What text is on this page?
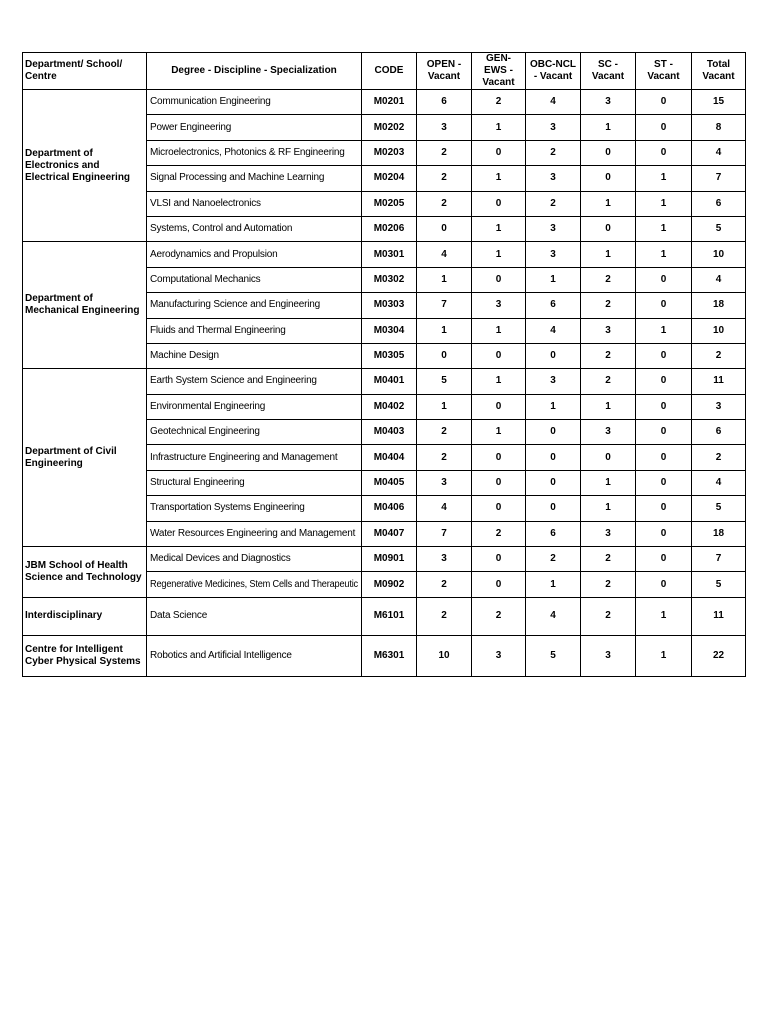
Department/ School/ Centre	Degree - Discipline - Specialization	CODE	OPEN - Vacant	GEN-EWS - Vacant	OBC-NCL - Vacant	SC -Vacant	ST -Vacant	Total Vacant
Department of Electronics and Electrical Engineering	Communication Engineering	M0201	6	2	4	3	0	15
	Power Engineering	M0202	3	1	3	1	0	8
	Microelectronics, Photonics & RF Engineering	M0203	2	0	2	0	0	4
	Signal Processing and Machine Learning	M0204	2	1	3	0	1	7
	VLSI and Nanoelectronics	M0205	2	0	2	1	1	6
	Systems, Control and Automation	M0206	0	1	3	0	1	5
Department of Mechanical Engineering	Aerodynamics and Propulsion	M0301	4	1	3	1	1	10
	Computational Mechanics	M0302	1	0	1	2	0	4
	Manufacturing Science and Engineering	M0303	7	3	6	2	0	18
	Fluids and Thermal Engineering	M0304	1	1	4	3	1	10
	Machine Design	M0305	0	0	0	2	0	2
Department of Civil Engineering	Earth System Science and Engineering	M0401	5	1	3	2	0	11
	Environmental Engineering	M0402	1	0	1	1	0	3
	Geotechnical Engineering	M0403	2	1	0	3	0	6
	Infrastructure Engineering and Management	M0404	2	0	0	0	0	2
	Structural Engineering	M0405	3	0	0	1	0	4
	Transportation Systems Engineering	M0406	4	0	0	1	0	5
	Water Resources Engineering and Management	M0407	7	2	6	3	0	18
JBM School of Health Science and Technology	Medical Devices and Diagnostics	M0901	3	0	2	2	0	7
	Regenerative Medicines, Stem Cells and Therapeutic	M0902	2	0	1	2	0	5
Interdisciplinary	Data Science	M6101	2	2	4	2	1	11
Centre for Intelligent Cyber Physical Systems	Robotics and Artificial Intelligence	M6301	10	3	5	3	1	22
